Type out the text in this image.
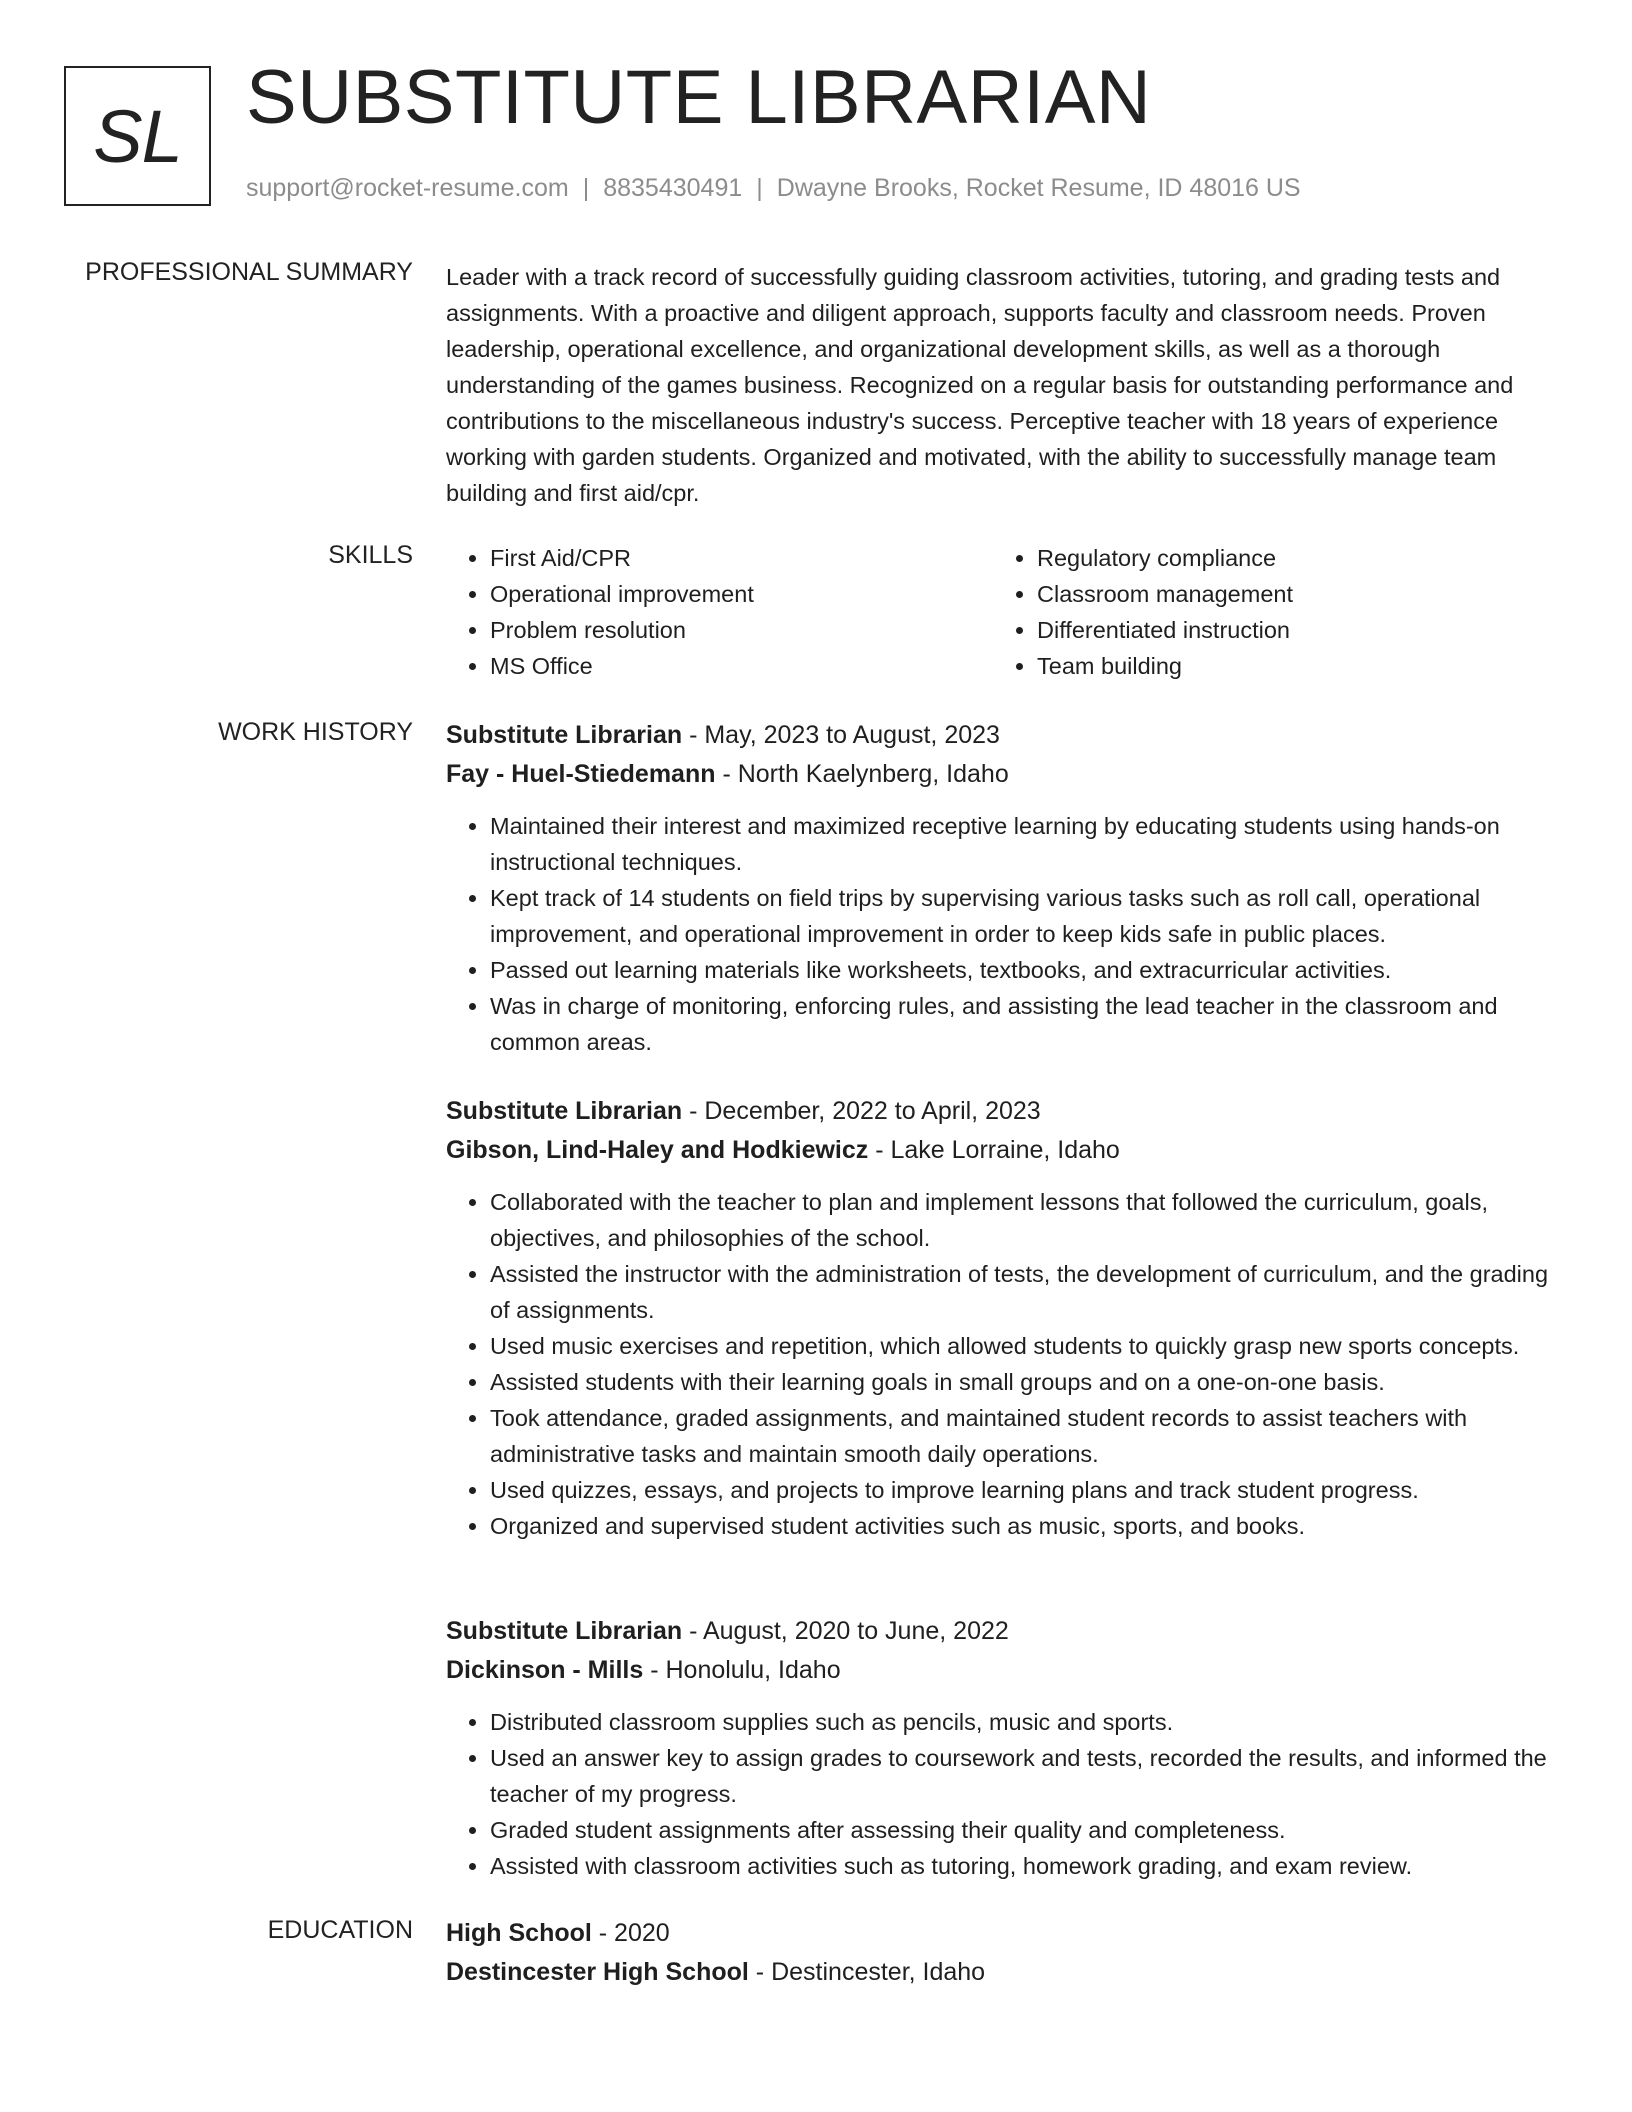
SL SUBSTITUTE LIBRARIAN
support@rocket-resume.com | 8835430491 | Dwayne Brooks, Rocket Resume, ID 48016 US
PROFESSIONAL SUMMARY Leader with a track record of successfully guiding classroom activities, tutoring, and grading tests and assignments. With a proactive and diligent approach, supports faculty and classroom needs. Proven leadership, operational excellence, and organizational development skills, as well as a thorough understanding of the games business. Recognized on a regular basis for outstanding performance and contributions to the miscellaneous industry's success. Perceptive teacher with 18 years of experience working with garden students. Organized and motivated, with the ability to successfully manage team building and first aid/cpr.

SKILLS
•	First Aid/CPR
• Operational improvement
• Problem resolution
• MS Office
• Regulatory compliance
• Classroom management
• Differentiated instruction
• Team building
WORK HISTORY Substitute Librarian - May, 2023 to August, 2023
Fay - Huel-Stiedemann - North Kaelynberg, Idaho
• Maintained their interest and maximized receptive learning by educating students using hands-on instructional techniques.
• Kept track of 14 students on field trips by supervising various tasks such as roll call, operational improvement, and operational improvement in order to keep kids safe in public places.
• Passed out learning materials like worksheets, textbooks, and extracurricular activities.
• Was in charge of monitoring, enforcing rules, and assisting the lead teacher in the classroom and common areas.
Substitute Librarian - December, 2022 to April, 2023
Gibson, Lind-Haley and Hodkiewicz - Lake Lorraine, Idaho
• Collaborated with the teacher to plan and implement lessons that followed the curriculum, goals, objectives, and philosophies of the school.
• Assisted the instructor with the administration of tests, the development of curriculum, and the grading of assignments.
• Used music exercises and repetition, which allowed students to quickly grasp new sports concepts.
• Assisted students with their learning goals in small groups and on a one-on-one basis.
• Took attendance, graded assignments, and maintained student records to assist teachers with administrative tasks and maintain smooth daily operations.
• Used quizzes, essays, and projects to improve learning plans and track student progress.
• Organized and supervised student activities such as music, sports, and books.
Substitute Librarian - August, 2020 to June, 2022
Dickinson - Mills - Honolulu, Idaho
• Distributed classroom supplies such as pencils, music and sports.
• Used an answer key to assign grades to coursework and tests, recorded the results, and informed the teacher of my progress.
• Graded student assignments after assessing their quality and completeness.
• Assisted with classroom activities such as tutoring, homework grading, and exam review.
EDUCATION High School - 2020
Destincester High School - Destincester, Idaho
